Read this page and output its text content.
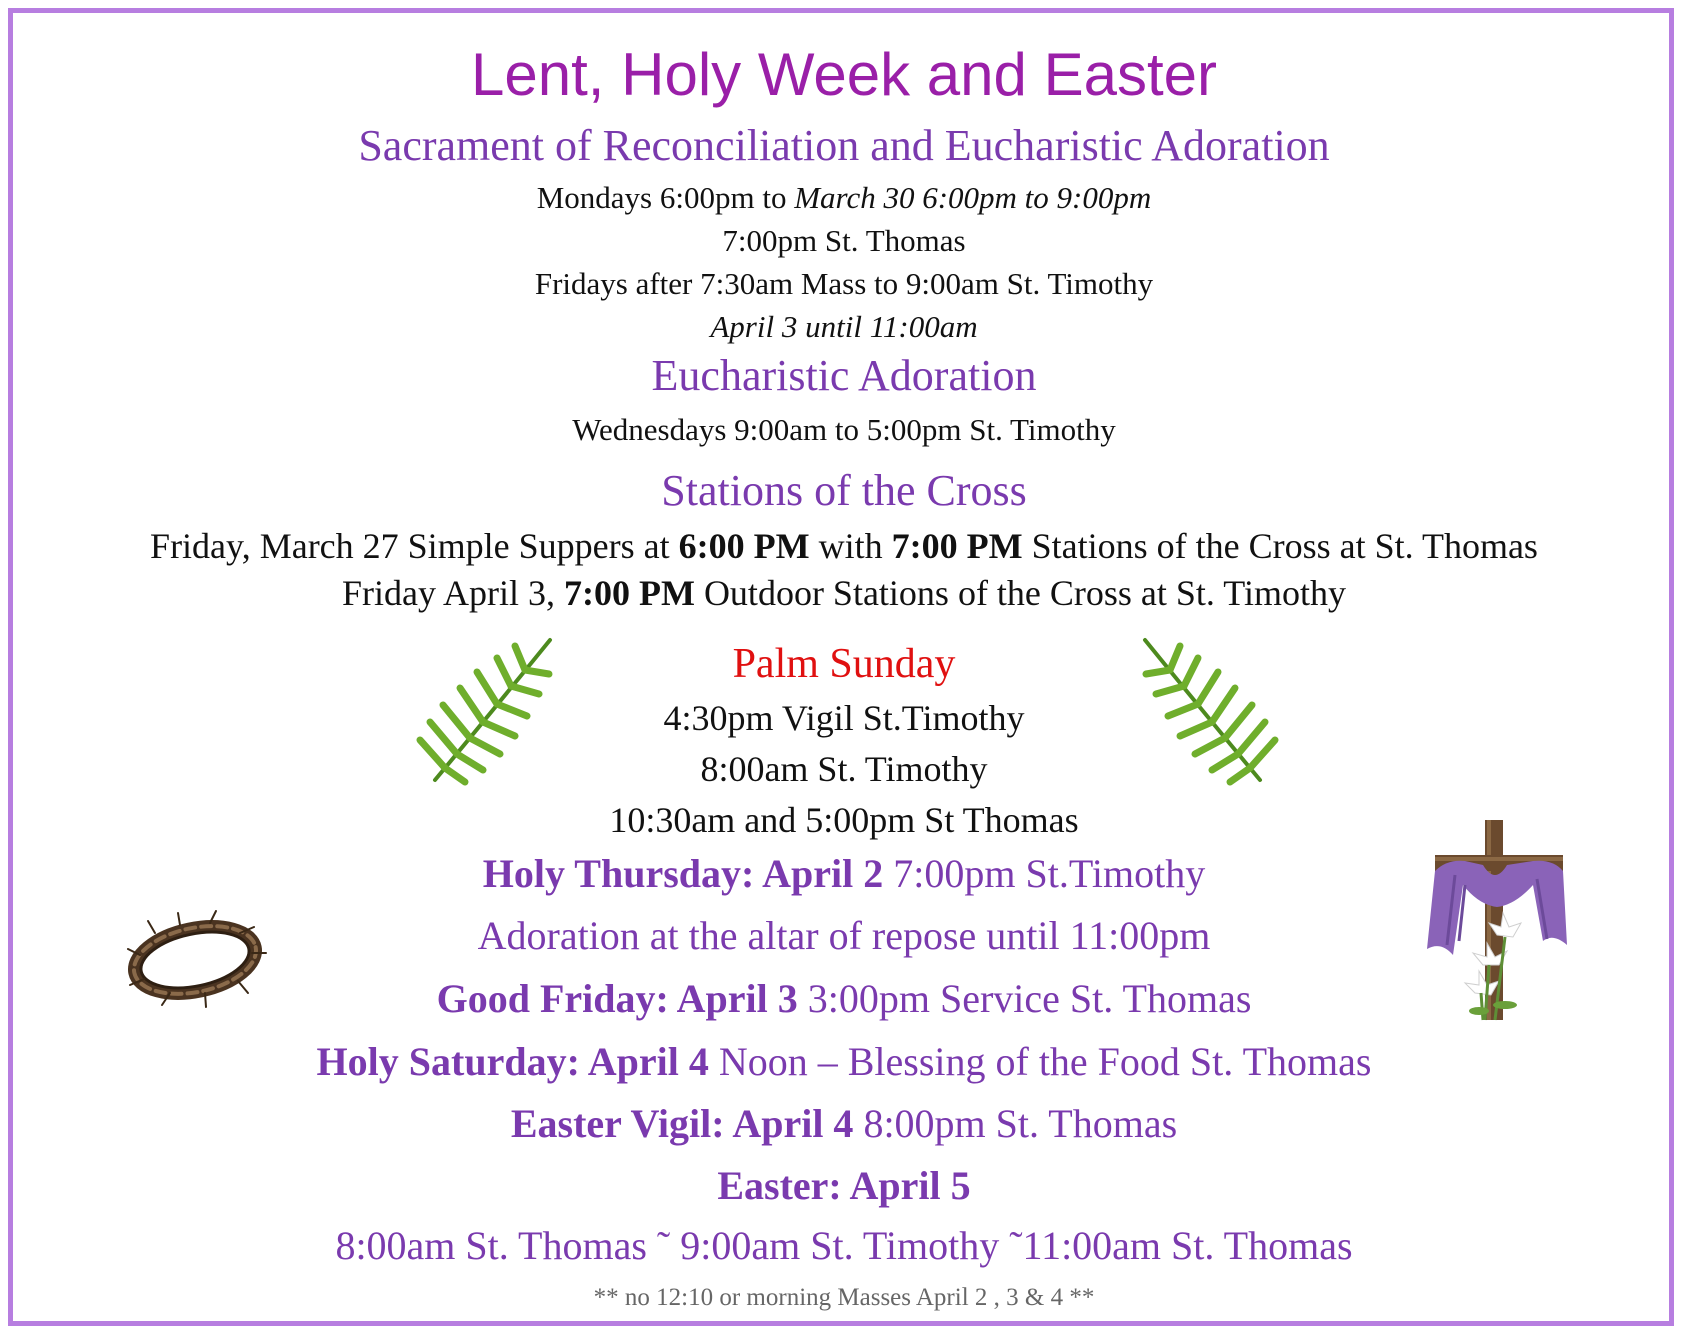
Lent, Holy Week and Easter
Sacrament of Reconciliation and Eucharistic Adoration
Mondays 6:00pm to March 30 6:00pm to 9:00pm
7:00pm St. Thomas
Fridays after 7:30am Mass to 9:00am St. Timothy
April 3 until 11:00am
Eucharistic Adoration
Wednesdays 9:00am to 5:00pm St. Timothy
Stations of the Cross
Friday, March 27 Simple Suppers at 6:00 PM with 7:00 PM Stations of the Cross at St. Thomas
Friday April 3, 7:00 PM Outdoor Stations of the Cross at St. Timothy
Palm Sunday
4:30pm Vigil St.Timothy
8:00am St. Timothy
10:30am and 5:00pm St Thomas
Holy Thursday: April 2 7:00pm St.Timothy
Adoration at the altar of repose until 11:00pm
Good Friday: April 3 3:00pm Service St. Thomas
Holy Saturday: April 4 Noon – Blessing of the Food St. Thomas
Easter Vigil: April 4 8:00pm St. Thomas
Easter: April 5
8:00am St. Thomas ˜ 9:00am St. Timothy ˜11:00am St. Thomas
** no 12:10 or morning Masses April 2 , 3 & 4 **
